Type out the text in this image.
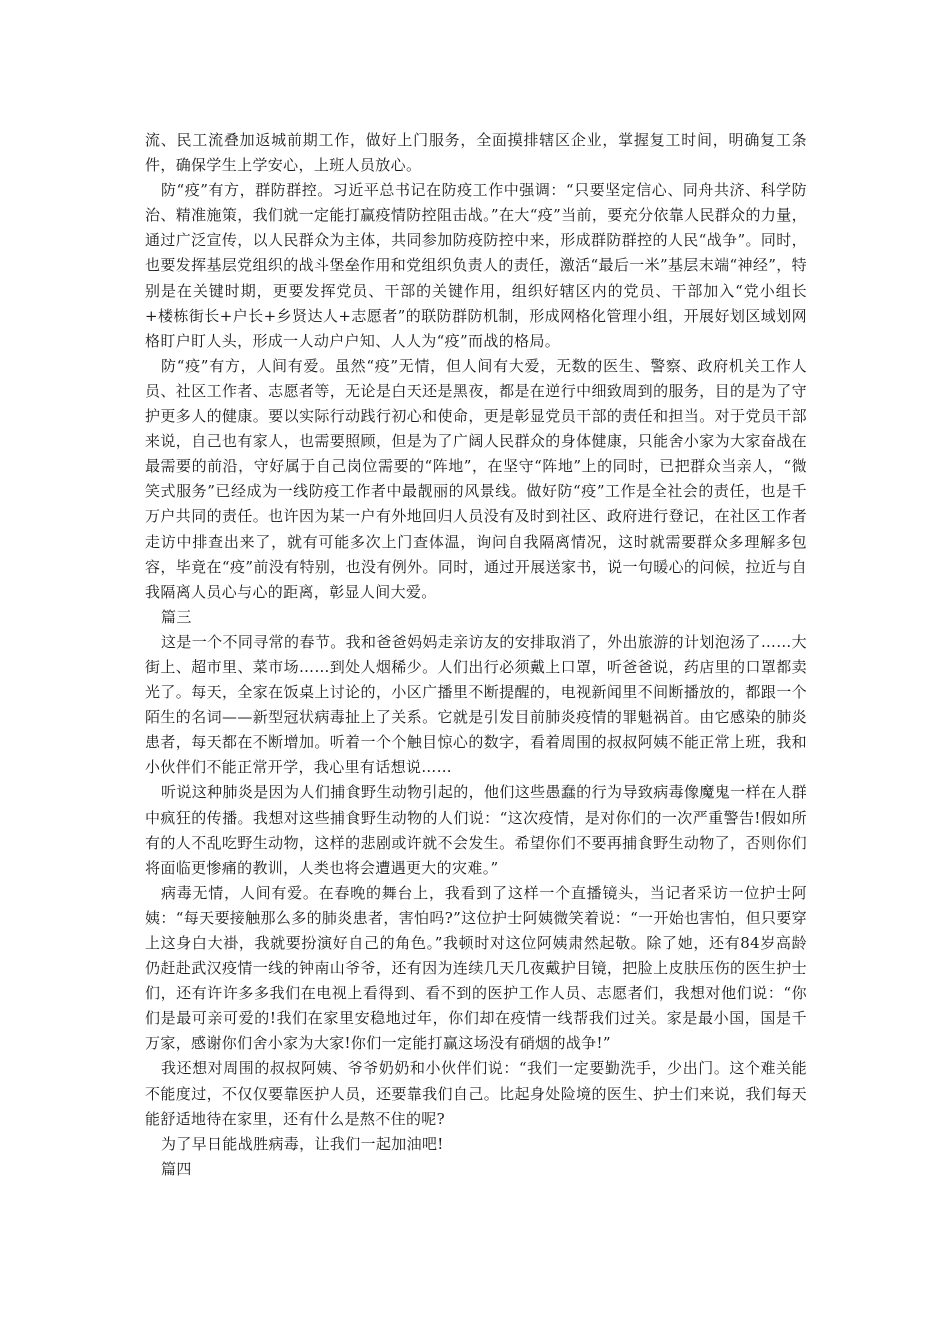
流、民工流叠加返城前期工作，做好上门服务，全面摸排辖区企业，掌握复工时间，明确复工条件，确保学生上学安心，上班人员放心。

防“疫”有方，群防群控。习近平总书记在防疫工作中强调：“只要坚定信心、同舟共济、科学防治、精准施策，我们就一定能打赢疫情防控阻击战。”在大“疫”当前，要充分依靠人民群众的力量，通过广泛宣传，以人民群众为主体，共同参加防疫防控中来，形成群防群控的人民“战争”。同时，也要发挥基层党组织的战斗堡垒作用和党组织负责人的责任，激活“最后一米”基层末端“神经”，特别是在关键时期，更要发挥党员、干部的关键作用，组织好辖区内的党员、干部加入“党小组长+楼栋街长+户长+乡贤达人+志愿者”的联防群防机制，形成网格化管理小组，开展好划区域划网格盯户盯人头，形成一人动户户知、人人为“疫”而战的格局。

防“疫”有方，人间有爱。虽然“疫”无情，但人间有大爱，无数的医生、警察、政府机关工作人员、社区工作者、志愿者等，无论是白天还是黑夜，都是在逆行中细致周到的服务，目的是为了守护更多人的健康。要以实际行动践行初心和使命，更是彰显党员干部的责任和担当。对于党员干部来说，自己也有家人，也需要照顾，但是为了广阔人民群众的身体健康，只能舍小家为大家奋战在最需要的前沿，守好属于自己岗位需要的“阵地”，在坚守“阵地”上的同时，已把群众当亲人，“微笑式服务”已经成为一线防疫工作者中最靓丽的风景线。做好防“疫”工作是全社会的责任，也是千万户共同的责任。也许因为某一户有外地回归人员没有及时到社区、政府进行登记，在社区工作者走访中排查出来了，就有可能多次上门查体温，询问自我隔离情况，这时就需要群众多理解多包容，毕竟在“疫”前没有特别，也没有例外。同时，通过开展送家书，说一句暖心的问候，拉近与自我隔离人员心与心的距离，彰显人间大爱。

篇三

这是一个不同寻常的春节。我和爸爸妈妈走亲访友的安排取消了，外出旅游的计划泡汤了……大街上、超市里、菜市场……到处人烟稀少。人们出行必须戴上口罩，听爸爸说，药店里的口罩都卖光了。每天，全家在饭桌上讨论的，小区广播里不断提醒的，电视新闻里不间断播放的，都跟一个陌生的名词——新型冠状病毒扯上了关系。它就是引发目前肺炎疫情的罪魁祸首。由它感染的肺炎患者，每天都在不断增加。听着一个个触目惊心的数字，看着周围的叔叔阿姨不能正常上班，我和小伙伴们不能正常开学，我心里有话想说……

听说这种肺炎是因为人们捕食野生动物引起的，他们这些愚蠢的行为导致病毒像魔鬼一样在人群中疯狂的传播。我想对这些捕食野生动物的人们说：“这次疫情，是对你们的一次严重警告!假如所有的人不乱吃野生动物，这样的悲剧或许就不会发生。希望你们不要再捕食野生动物了，否则你们将面临更惨痛的教训，人类也将会遭遇更大的灾难。”

病毒无情，人间有爱。在春晚的舞台上，我看到了这样一个直播镜头，当记者采访一位护士阿姨：“每天要接触那么多的肺炎患者，害怕吗?”这位护士阿姨微笑着说：“一开始也害怕，但只要穿上这身白大褂，我就要扮演好自己的角色。”我顿时对这位阿姨肃然起敬。除了她，还有84岁高龄仍赶赴武汉疫情一线的钟南山爷爷，还有因为连续几天几夜戴护目镜，把脸上皮肤压伤的医生护士们，还有许许多多我们在电视上看得到、看不到的医护工作人员、志愿者们，我想对他们说：“你们是最可亲可爱的!我们在家里安稳地过年，你们却在疫情一线帮我们过关。家是最小国，国是千万家，感谢你们舍小家为大家!你们一定能打赢这场没有硝烟的战争!”

我还想对周围的叔叔阿姨、爷爷奶奶和小伙伴们说：“我们一定要勤洗手，少出门。这个难关能不能度过，不仅仅要靠医护人员，还要靠我们自己。比起身处险境的医生、护士们来说，我们每天能舒适地待在家里，还有什么是熬不住的呢?

为了早日能战胜病毒，让我们一起加油吧!

篇四
